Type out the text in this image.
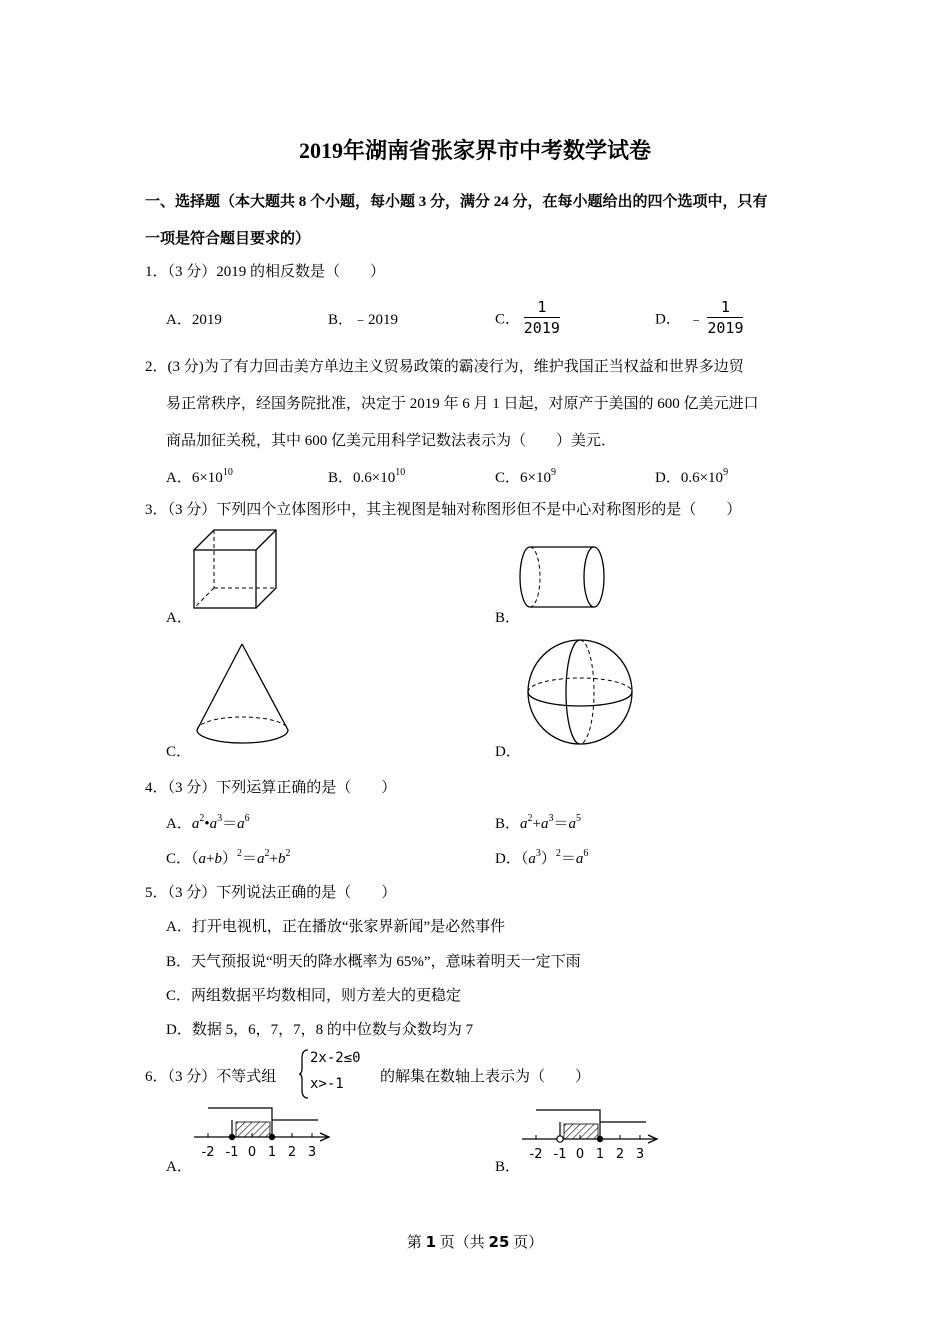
2019年湖南省张家界市中考数学试卷
一、选择题（本大题共 8 个小题，每小题 3 分，满分 24 分，在每小题给出的四个选项中，只有
一项是符合题目要求的）
1．（3 分）2019 的相反数是（　　）
A．2019	B．﹣2019	C． $\frac{1}{2019}$	D． ﹣ $\frac{1}{2019}$
2．(3 分)为了有力回击美方单边主义贸易政策的霸凌行为，维护我国正当权益和世界多边贸
易正常秩序，经国务院批准，决定于 2019 年 6 月 1 日起，对原产于美国的 600 亿美元进口
商品加征关税，其中 600 亿美元用科学记数法表示为（　　）美元．
A．$6\times 10^{10}$	B．$0.6\times 10^{10}$	C．$6\times 10^9$	D．$0.6\times 10^9$
3．（3 分）下列四个立体图形中，其主视图是轴对称图形但不是中心对称图形的是（　　）
A．	B．
C．	D．
4．（3 分）下列运算正确的是（　　）
A．$a^2•a^3=a^6$	B．$a^2+a^3=a^5$
C．$(a+b)^2=a^2+b^2$	D．$(a^3)^2=a^6$
5．（3 分）下列说法正确的是（　　）
A．打开电视机，正在播放“张家界新闻”是必然事件
B．天气预报说“明天的降水概率为 65%”，意味着明天一定下雨
C．两组数据平均数相同，则方差大的更稳定
D．数据 5，6，7，7，8 的中位数与众数均为 7
6．（3 分）不等式组
2x-2≤0
x>-1 的解集在数轴上表示为（　　）
A．	B．
-2 -1 0 1 2 3	-2 -1 0 1 2 3
第 1 页（共 25 页）
